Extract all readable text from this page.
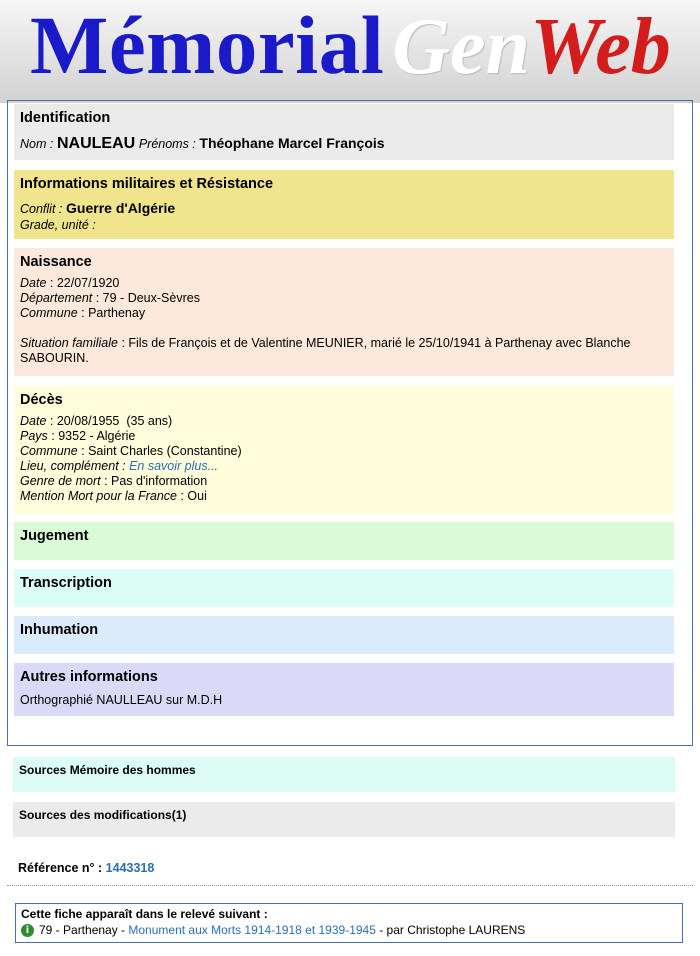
Mémorial GenWeb
Identification
Nom : NAULEAU Prénoms : Théophane Marcel François
Informations militaires et Résistance
Conflit : Guerre d'Algérie
Grade, unité :
Naissance
Date : 22/07/1920
Département : 79 - Deux-Sèvres
Commune : Parthenay
Situation familiale : Fils de François et de Valentine MEUNIER, marié le 25/10/1941 à Parthenay avec Blanche SABOURIN.
Décès
Date : 20/08/1955  (35 ans)
Pays : 9352 - Algérie
Commune : Saint Charles (Constantine)
Lieu, complément : En savoir plus...
Genre de mort : Pas d'information
Mention Mort pour la France : Oui
Jugement
Transcription
Inhumation
Autres informations
Orthographié NAULLEAU sur M.D.H
Sources Mémoire des hommes
Sources des modifications(1)
Référence n° : 1443318
Cette fiche apparaît dans le relevé suivant :
i 79 - Parthenay - Monument aux Morts 1914-1918 et 1939-1945 - par Christophe LAURENS
